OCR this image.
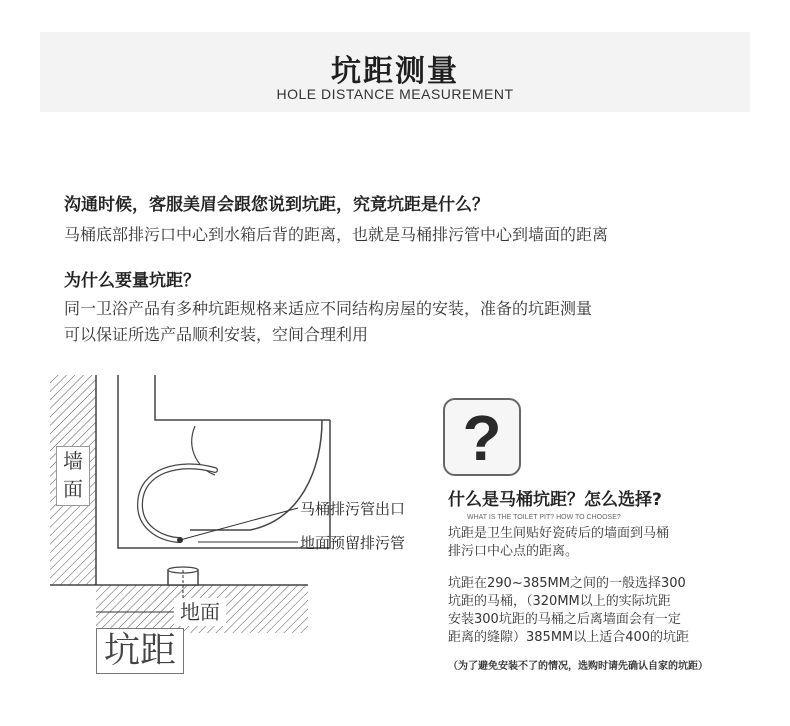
坑距测量
HOLE DISTANCE MEASUREMENT
沟通时候，客服美眉会跟您说到坑距，究竟坑距是什么？
马桶底部排污口中心到水箱后背的距离，也就是马桶排污管中心到墙面的距离
为什么要量坑距？
同一卫浴产品有多种坑距规格来适应不同结构房屋的安装，准备的坑距测量
可以保证所选产品顺利安装，空间合理利用
墙
面
地面
坑距
马桶排污管出口
地面预留排污管
?
什么是马桶坑距？怎么选择?
WHAT IS THE TOILET PIT? HOW TO CHOOSE?
坑距是卫生间贴好瓷砖后的墙面到马桶
排污口中心点的距离。
坑距在290~385MM之间的一般选择300
坑距的马桶，（320MM以上的实际坑距
安装300坑距的马桶之后离墙面会有一定
距离的缝隙）385MM以上适合400的坑距
（为了避免安装不了的情况，选购时请先确认自家的坑距）
